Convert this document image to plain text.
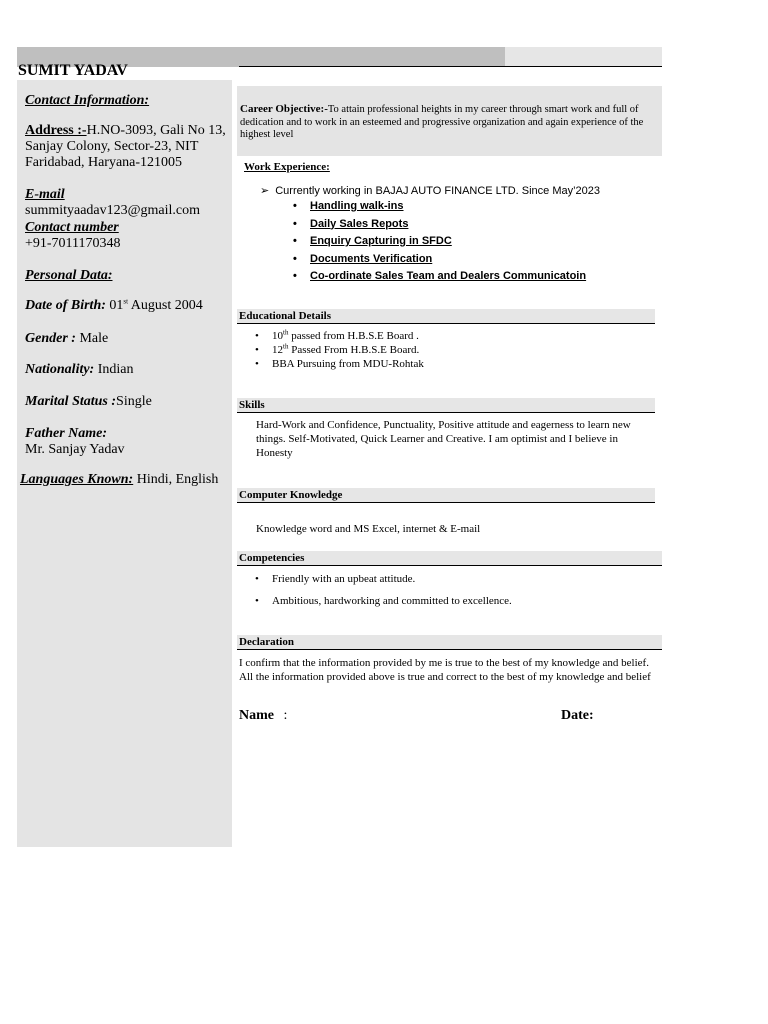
SUMIT YADAV
Contact Information:
Address :-H.NO-3093, Gali No 13, Sanjay Colony, Sector-23, NIT Faridabad, Haryana-121005
E-mail
summityaadav123@gmail.com
Contact number
+91-7011170348
Personal Data:
Date of Birth: 01st August 2004
Gender : Male
Nationality: Indian
Marital Status :Single
Father Name:
Mr. Sanjay Yadav
Languages Known: Hindi, English
Career Objective:-To attain professional heights in my career through smart work and full of dedication and to work in an esteemed and progressive organization and again experience of the highest level
Work Experience:
➢ Currently working in BAJAJ AUTO FINANCE LTD. Since May’2023
• Handling walk-ins
• Daily Sales Repots
• Enquiry Capturing in SFDC
• Documents Verification
• Co-ordinate Sales Team and Dealers Communicatoin
Educational Details
• 10th passed from H.B.S.E Board .
• 12th Passed From H.B.S.E Board.
• BBA Pursuing from MDU-Rohtak
Skills
Hard-Work and Confidence, Punctuality, Positive attitude and eagerness to learn new things. Self-Motivated, Quick Learner and Creative. I am optimist and I believe in Honesty
Computer Knowledge
Knowledge word and MS Excel, internet & E-mail
Competencies
• Friendly with an upbeat attitude.
• Ambitious, hardworking and committed to excellence.
Declaration
I confirm that the information provided by me is true to the best of my knowledge and belief. All the information provided above is true and correct to the best of my knowledge and belief
Name :	Date:
